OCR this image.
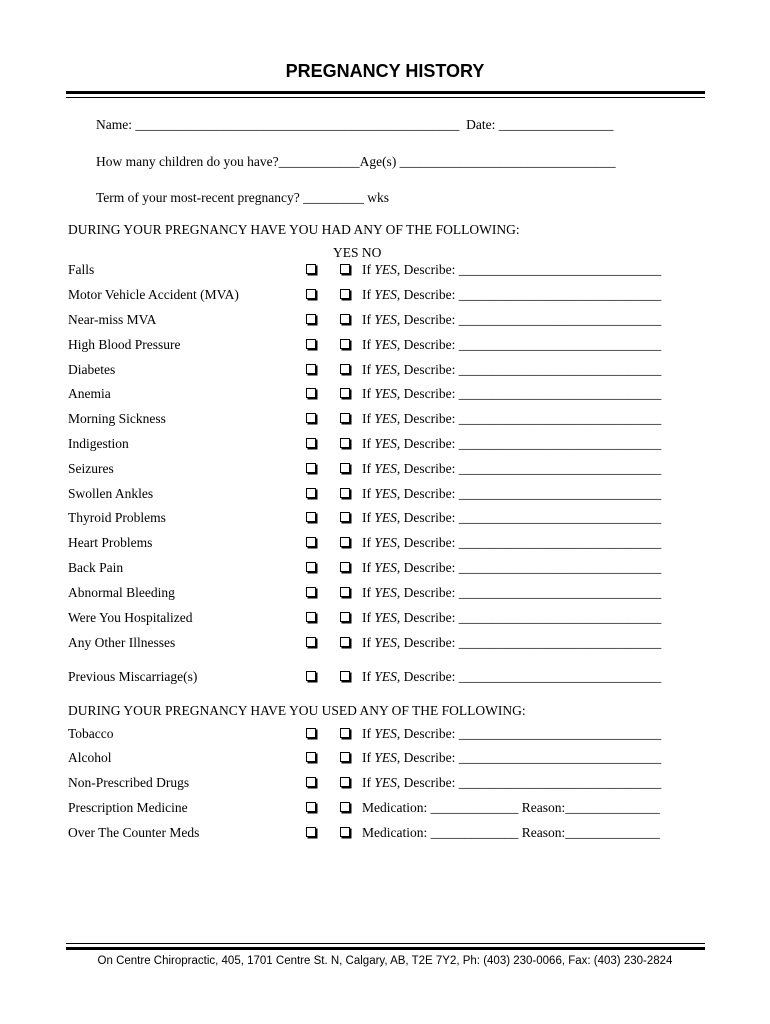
PREGNANCY HISTORY
Name: ________________________________________________  Date: _________________
How many children do you have?____________Age(s) ________________________________
Term of your most-recent pregnancy? _________ wks
DURING YOUR PREGNANCY HAVE YOU HAD ANY OF THE FOLLOWING:
YES NO
Falls	If YES, Describe: ______________________________
Motor Vehicle Accident (MVA)	If YES, Describe: ______________________________
Near-miss MVA	If YES, Describe: ______________________________
High Blood Pressure	If YES, Describe: ______________________________
Diabetes	If YES, Describe: ______________________________
Anemia	If YES, Describe: ______________________________
Morning Sickness	If YES, Describe: ______________________________
Indigestion	If YES, Describe: ______________________________
Seizures	If YES, Describe: ______________________________
Swollen Ankles	If YES, Describe: ______________________________
Thyroid Problems	If YES, Describe: ______________________________
Heart Problems	If YES, Describe: ______________________________
Back Pain	If YES, Describe: ______________________________
Abnormal Bleeding	If YES, Describe: ______________________________
Were You Hospitalized	If YES, Describe: ______________________________
Any Other Illnesses	If YES, Describe: ______________________________
Previous Miscarriage(s)	If YES, Describe: ______________________________
DURING YOUR PREGNANCY HAVE YOU USED ANY OF THE FOLLOWING:
Tobacco	If YES, Describe: ______________________________
Alcohol	If YES, Describe: ______________________________
Non-Prescribed Drugs	If YES, Describe: ______________________________
Prescription Medicine	Medication: _____________ Reason:______________
Over The Counter Meds	Medication: _____________ Reason:______________
On Centre Chiropractic, 405, 1701 Centre St. N, Calgary, AB, T2E 7Y2, Ph: (403) 230-0066, Fax: (403) 230-2824
